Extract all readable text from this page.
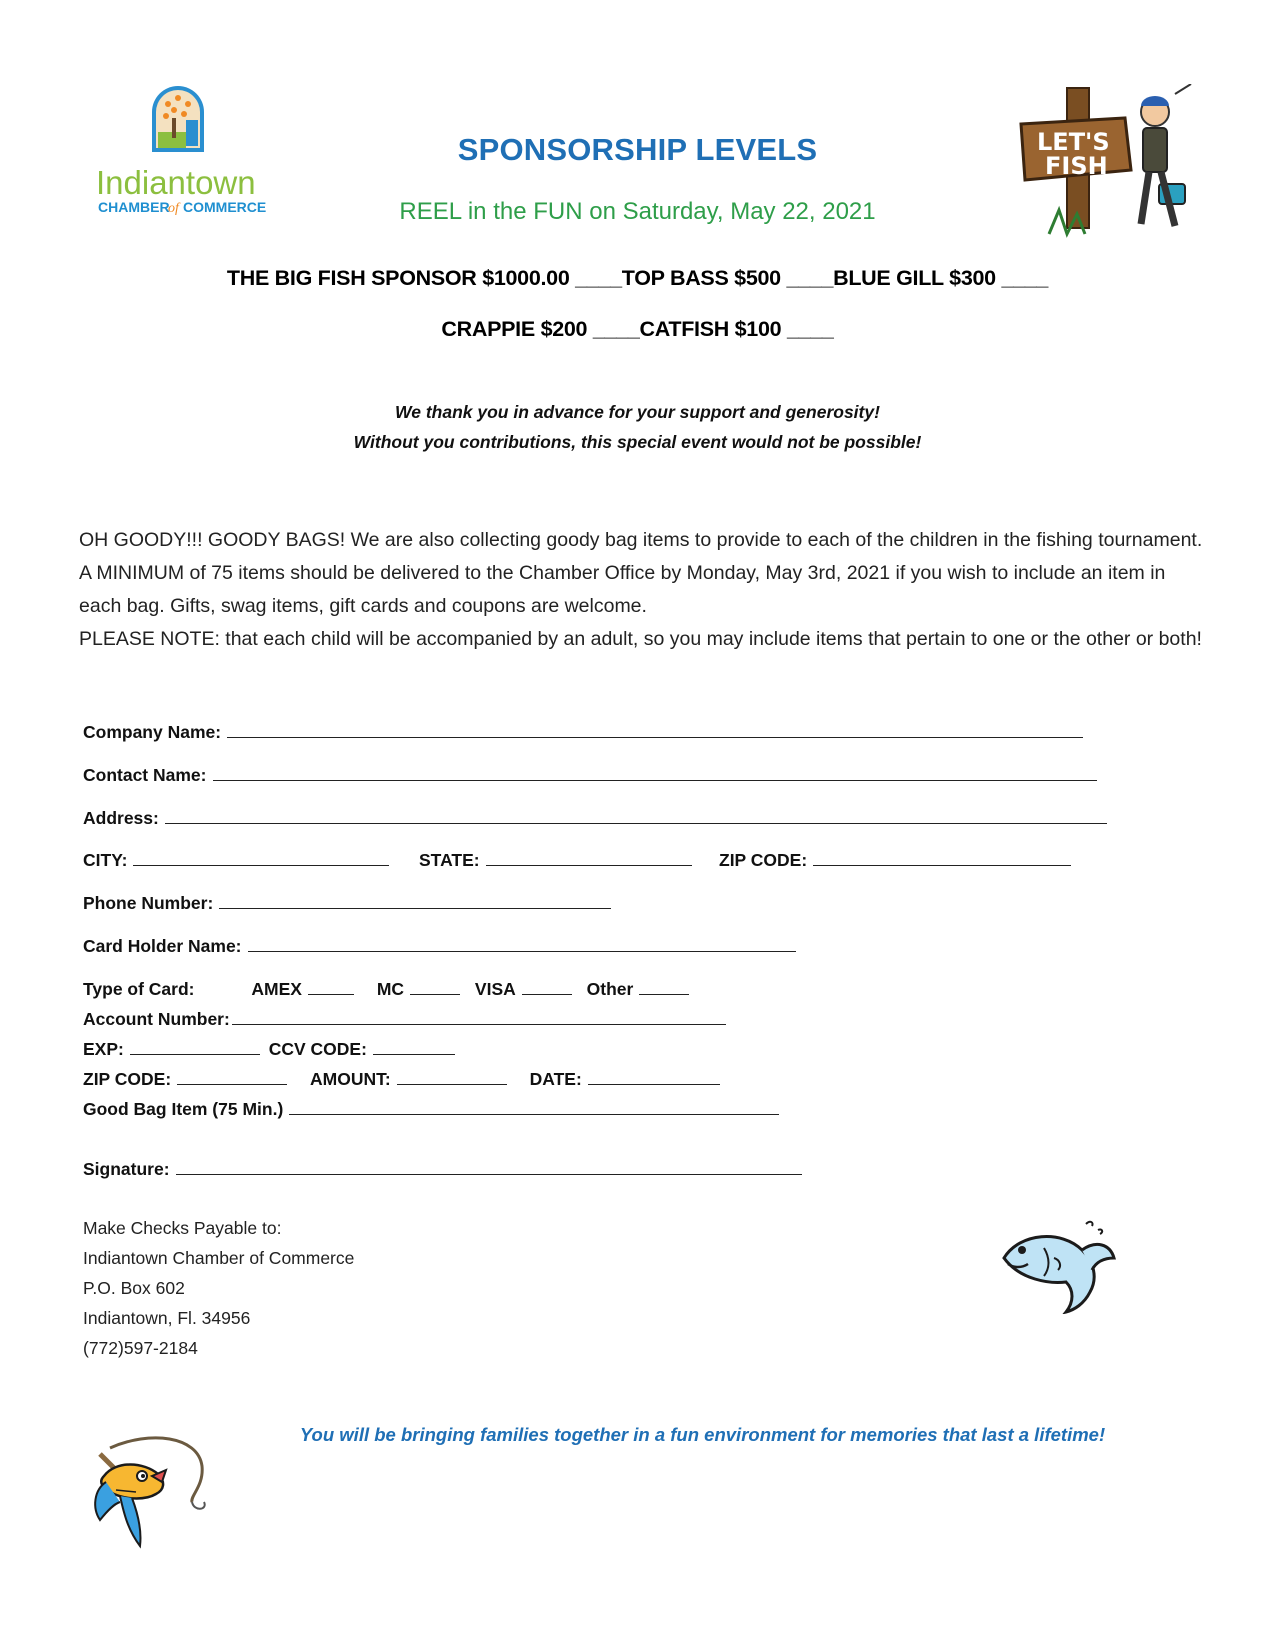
Indiantown
CHAMBER
of COMMERCE
LET'S
FISH
SPONSORSHIP LEVELS
REEL in the FUN on Saturday, May 22, 2021
THE BIG FISH SPONSOR $1000.00 ____TOP BASS $500 ____BLUE GILL $300 ____
CRAPPIE $200 ____CATFISH $100 ____
We thank you in advance for your support and generosity!
Without you contributions, this special event would not be possible!

OH GOODY!!! GOODY BAGS! We are also collecting goody bag items to provide to each of the children in the fishing tournament. A MINIMUM of 75 items should be delivered to the Chamber Office by Monday, May 3rd, 2021 if you wish to include an item in each bag. Gifts, swag items, gift cards and coupons are welcome.

PLEASE NOTE: that each child will be accompanied by an adult, so you may include items that pertain to one or the other or both!

Company Name:
Contact Name:
Address:
CITY:	STATE:	ZIP CODE:
Phone Number:
Card Holder Name:
Type of Card:	AMEX	MC	VISA	Other
Account Number:
EXP:	CCV CODE:
ZIP CODE:	AMOUNT:	DATE:
Good Bag Item (75 Min.)
Signature:
Make Checks Payable to:
Indiantown Chamber of Commerce
P.O. Box 602
Indiantown, Fl. 34956
(772)597-2184
You will be bringing families together in a fun environment for memories that last a lifetime!
